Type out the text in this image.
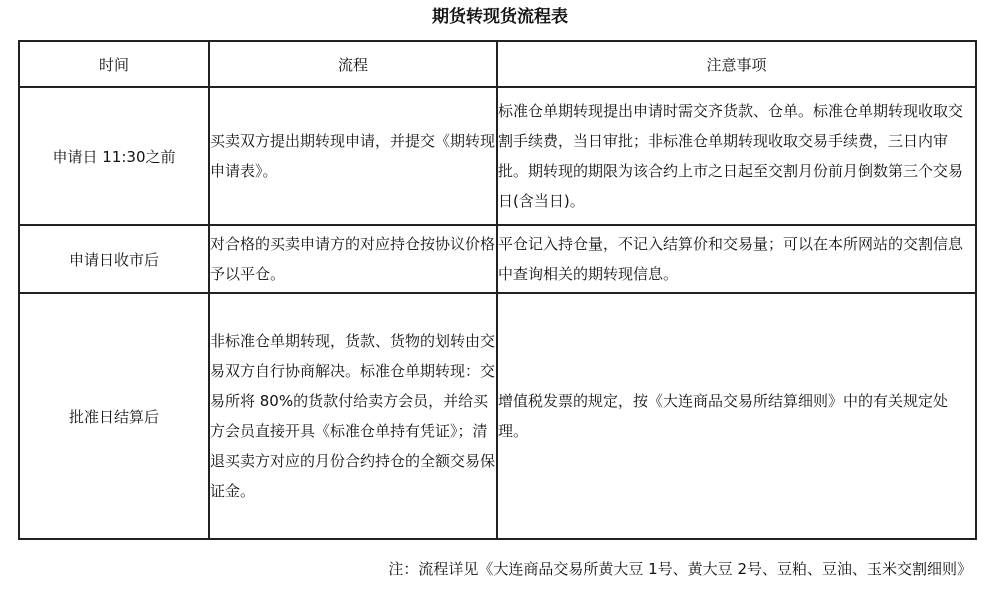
期货转现货流程表
时间	流程	注意事项
申请日 11:30之前	买卖双方提出期转现申请，并提交《期转现申请表》。	标准仓单期转现提出申请时需交齐货款、仓单。标准仓单期转现收取交割手续费，当日审批；非标准仓单期转现收取交易手续费，三日内审批。期转现的期限为该合约上市之日起至交割月份前月倒数第三个交易日(含当日)。
申请日收市后	对合格的买卖申请方的对应持仓按协议价格予以平仓。	平仓记入持仓量，不记入结算价和交易量；可以在本所网站的交割信息中查询相关的期转现信息。
批准日结算后	非标准仓单期转现，货款、货物的划转由交易双方自行协商解决。标准仓单期转现：交易所将 80%的货款付给卖方会员，并给买方会员直接开具《标准仓单持有凭证》；清退买卖方对应的月份合约持仓的全额交易保证金。	增值税发票的规定，按《大连商品交易所结算细则》中的有关规定处理。
注：流程详见《大连商品交易所黄大豆 1号、黄大豆 2号、豆粕、豆油、玉米交割细则》
